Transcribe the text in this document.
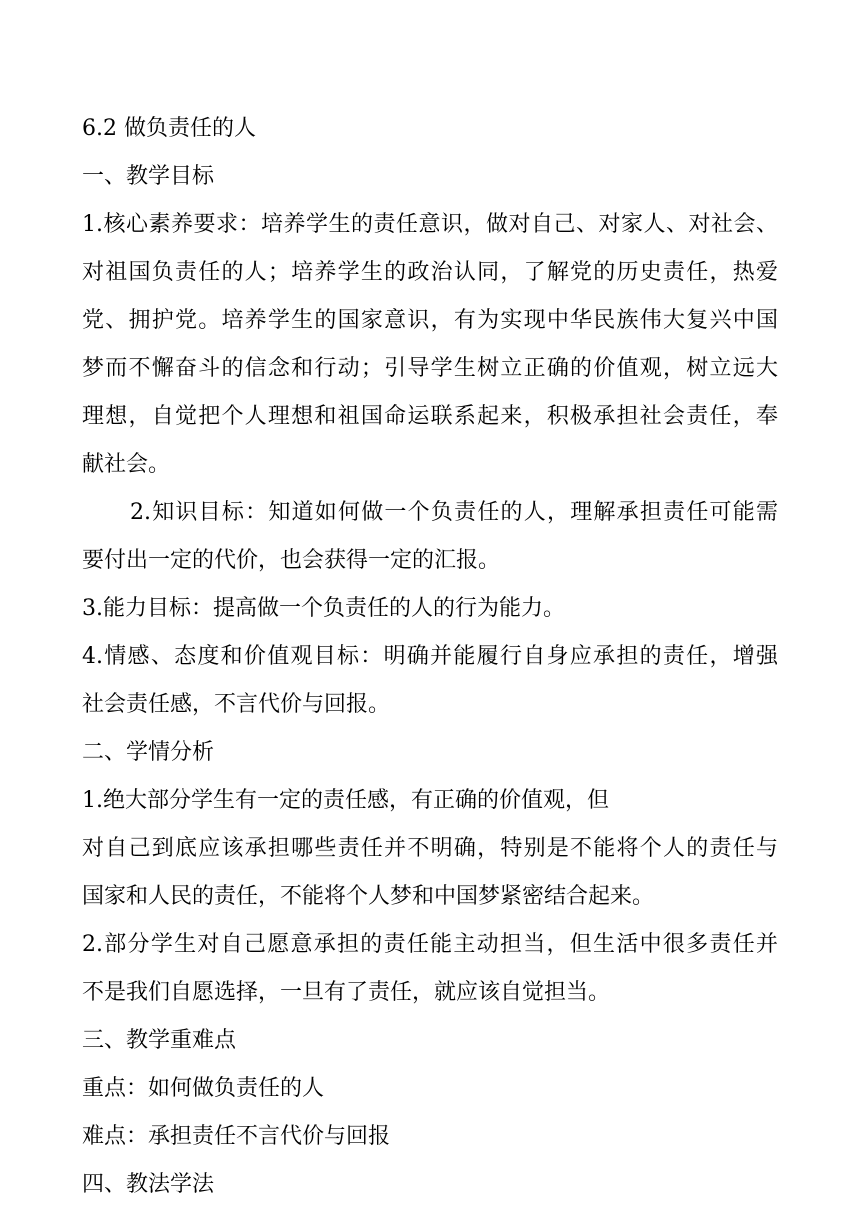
6.2 做负责任的人
一、教学目标
1.核心素养要求：培养学生的责任意识，做对自己、对家人、对社会、
对祖国负责任的人；培养学生的政治认同，了解党的历史责任，热爱
党、拥护党。培养学生的国家意识，有为实现中华民族伟大复兴中国
梦而不懈奋斗的信念和行动；引导学生树立正确的价值观，树立远大
理想，自觉把个人理想和祖国命运联系起来，积极承担社会责任，奉
献社会。
2.知识目标：知道如何做一个负责任的人，理解承担责任可能需
要付出一定的代价，也会获得一定的汇报。
3.能力目标：提高做一个负责任的人的行为能力。
4.情感、态度和价值观目标：明确并能履行自身应承担的责任，增强
社会责任感，不言代价与回报。
二、学情分析
1.绝大部分学生有一定的责任感，有正确的价值观，但
对自己到底应该承担哪些责任并不明确，特别是不能将个人的责任与
国家和人民的责任，不能将个人梦和中国梦紧密结合起来。
2.部分学生对自己愿意承担的责任能主动担当，但生活中很多责任并
不是我们自愿选择，一旦有了责任，就应该自觉担当。
三、教学重难点
重点：如何做负责任的人
难点：承担责任不言代价与回报
四、教法学法
